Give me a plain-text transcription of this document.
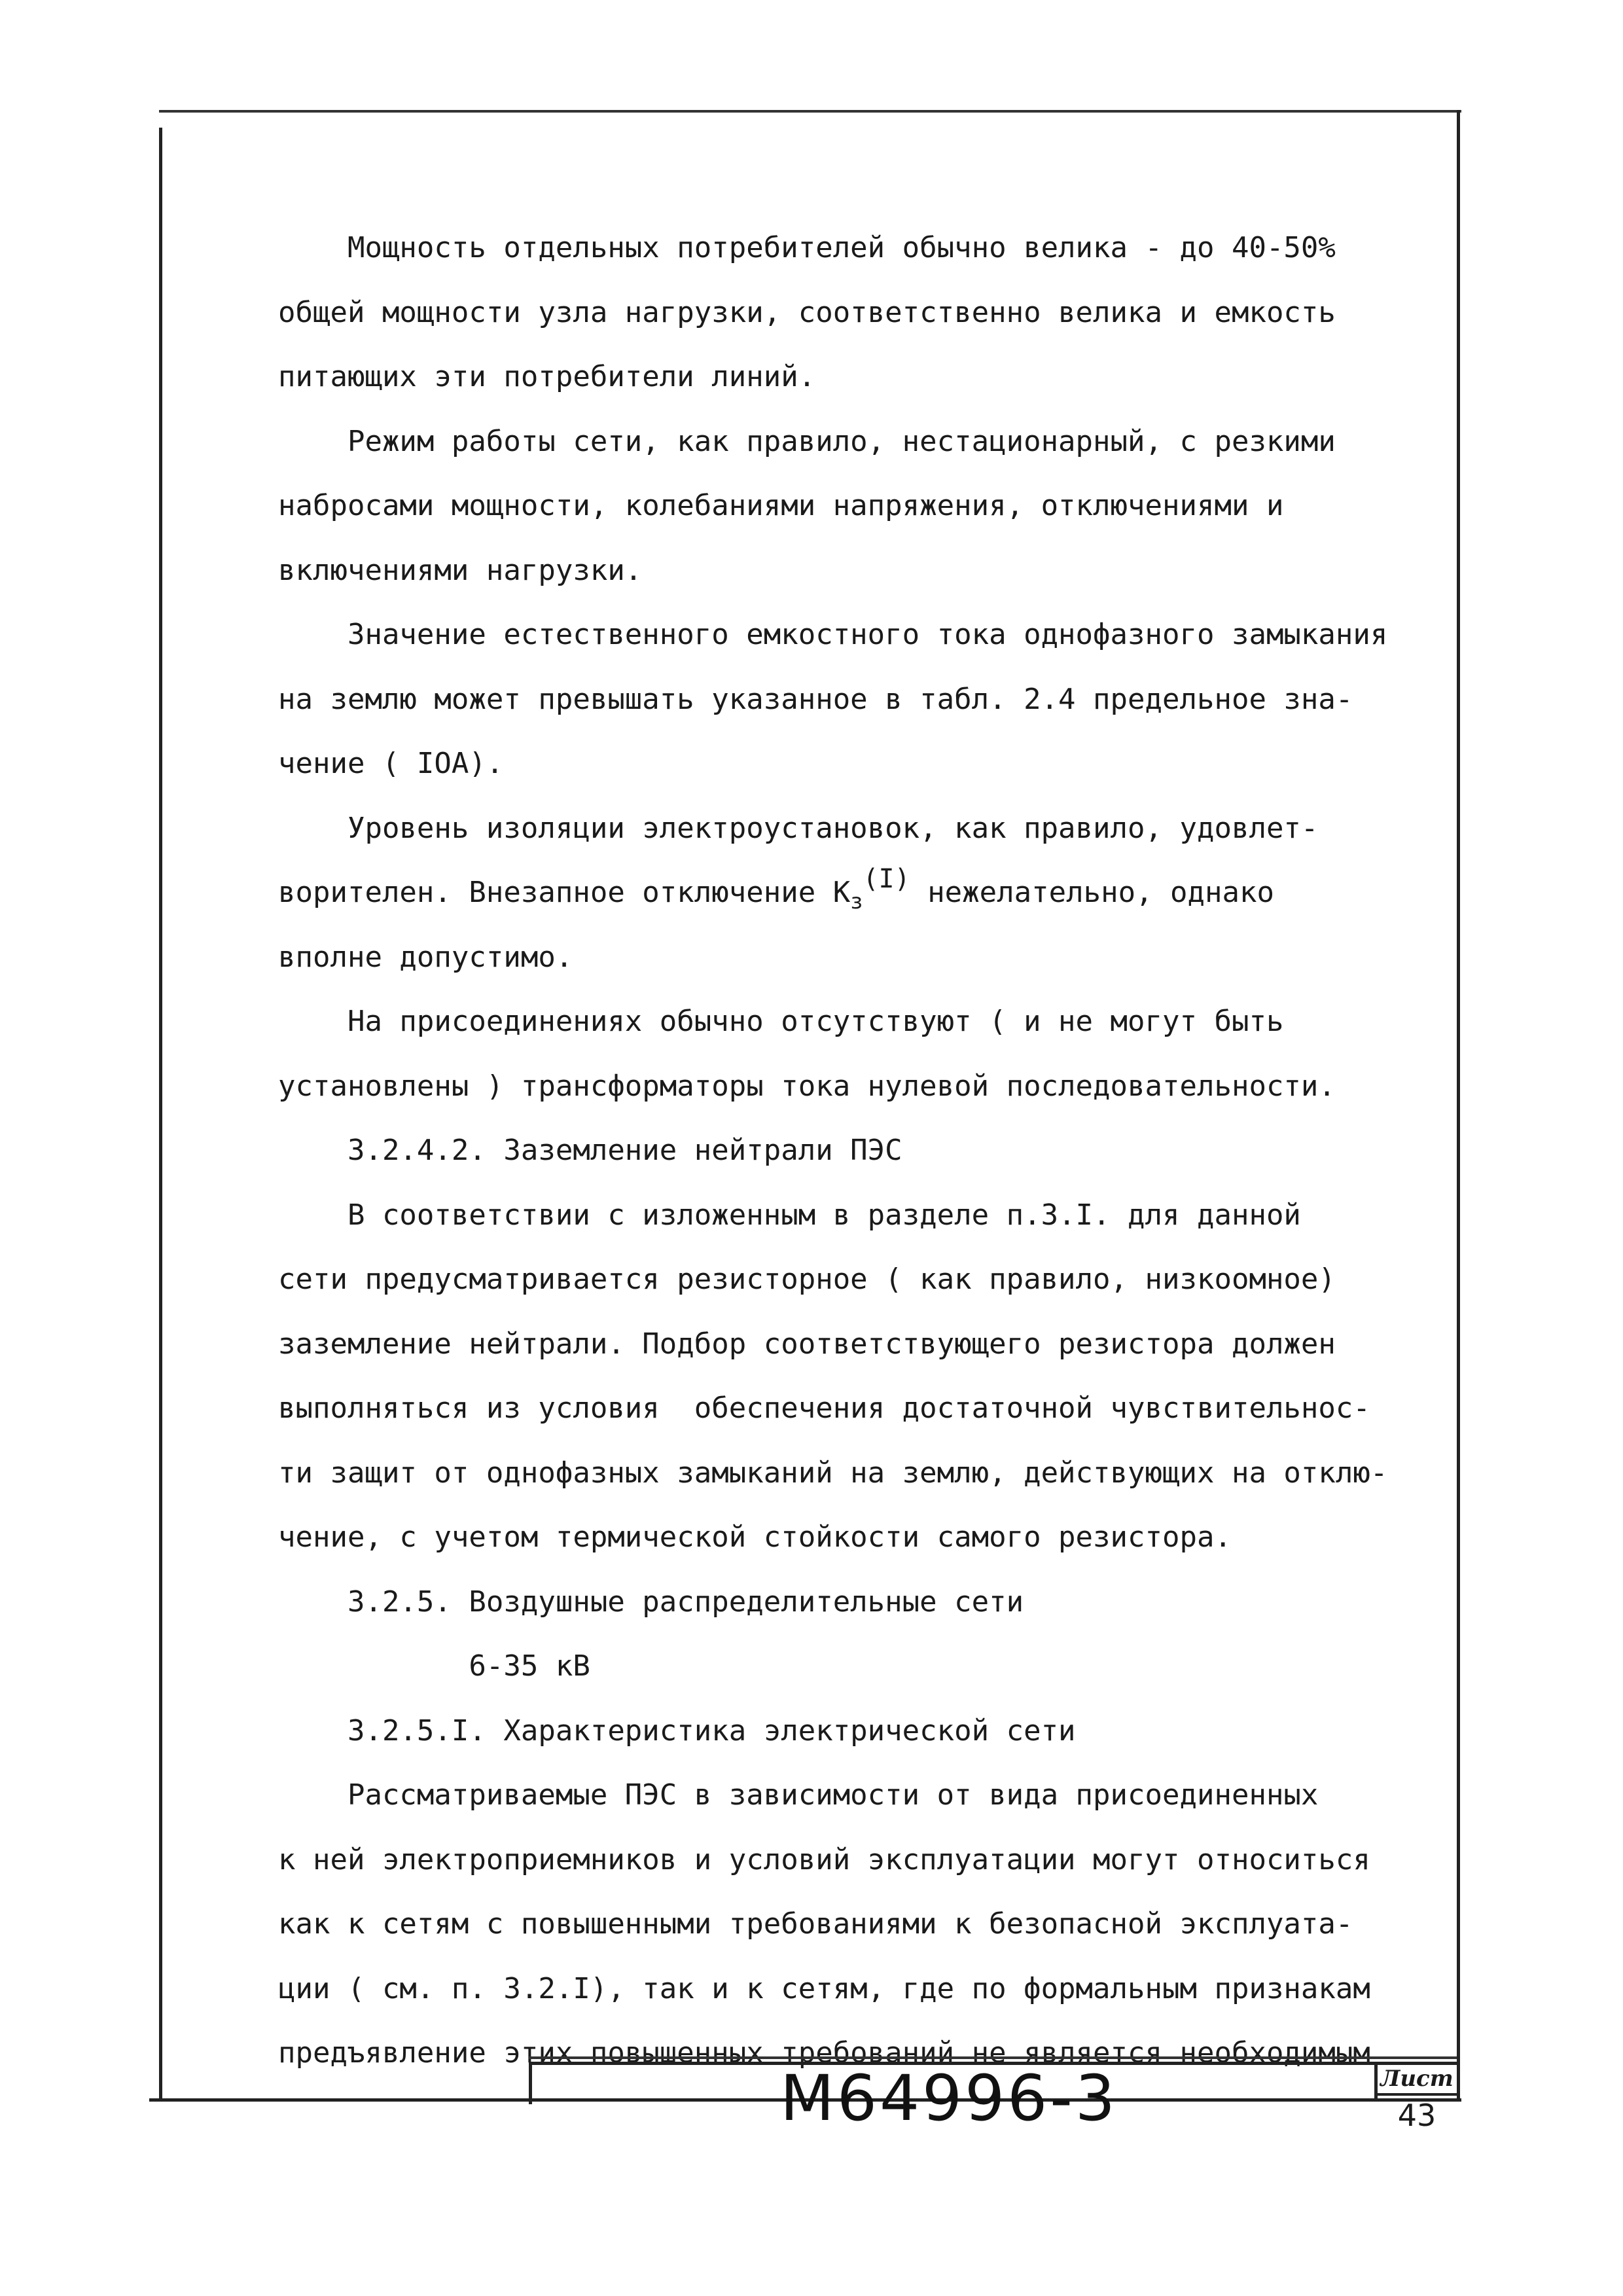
Мощность отдельных потребителей обычно велика - до 40-50%
общей мощности узла нагрузки, соответственно велика и емкость
питающих эти потребители линий.
Режим работы сети, как правило, нестационарный, с резкими
набросами мощности, колебаниями напряжения, отключениями и
включениями нагрузки.
Значение естественного емкостного тока однофазного замыкания
на землю может превышать указанное в табл. 2.4 предельное зна-
чение ( IOA).
Уровень изоляции электроустановок, как правило, удовлет-
ворителен. Внезапное отключение $К_з(I)$ нежелательно, однако
вполне допустимо.
На присоединениях обычно отсутствуют ( и не могут быть
установлены ) трансформаторы тока нулевой последовательности.
3.2.4.2. Заземление нейтрали ПЭС
В соответствии с изложенным в разделе п.3.I. для данной
сети предусматривается резисторное ( как правило, низкоомное)
заземление нейтрали. Подбор соответствующего резистора должен
выполняться из условия  обеспечения достаточной чувствительнос-
ти защит от однофазных замыканий на землю, действующих на отклю-
чение, с учетом термической стойкости самого резистора.
3.2.5. Воздушные распределительные сети
6-35 кВ
3.2.5.I. Характеристика электрической сети
Рассматриваемые ПЭС в зависимости от вида присоединенных
к ней электроприемников и условий эксплуатации могут относиться
как к сетям с повышенными требованиями к безопасной эксплуата-
ции ( см. п. 3.2.I), так и к сетям, где по формальным признакам
предъявление этих повышенных требований не является необходимым
М64996-3	Лист
43
